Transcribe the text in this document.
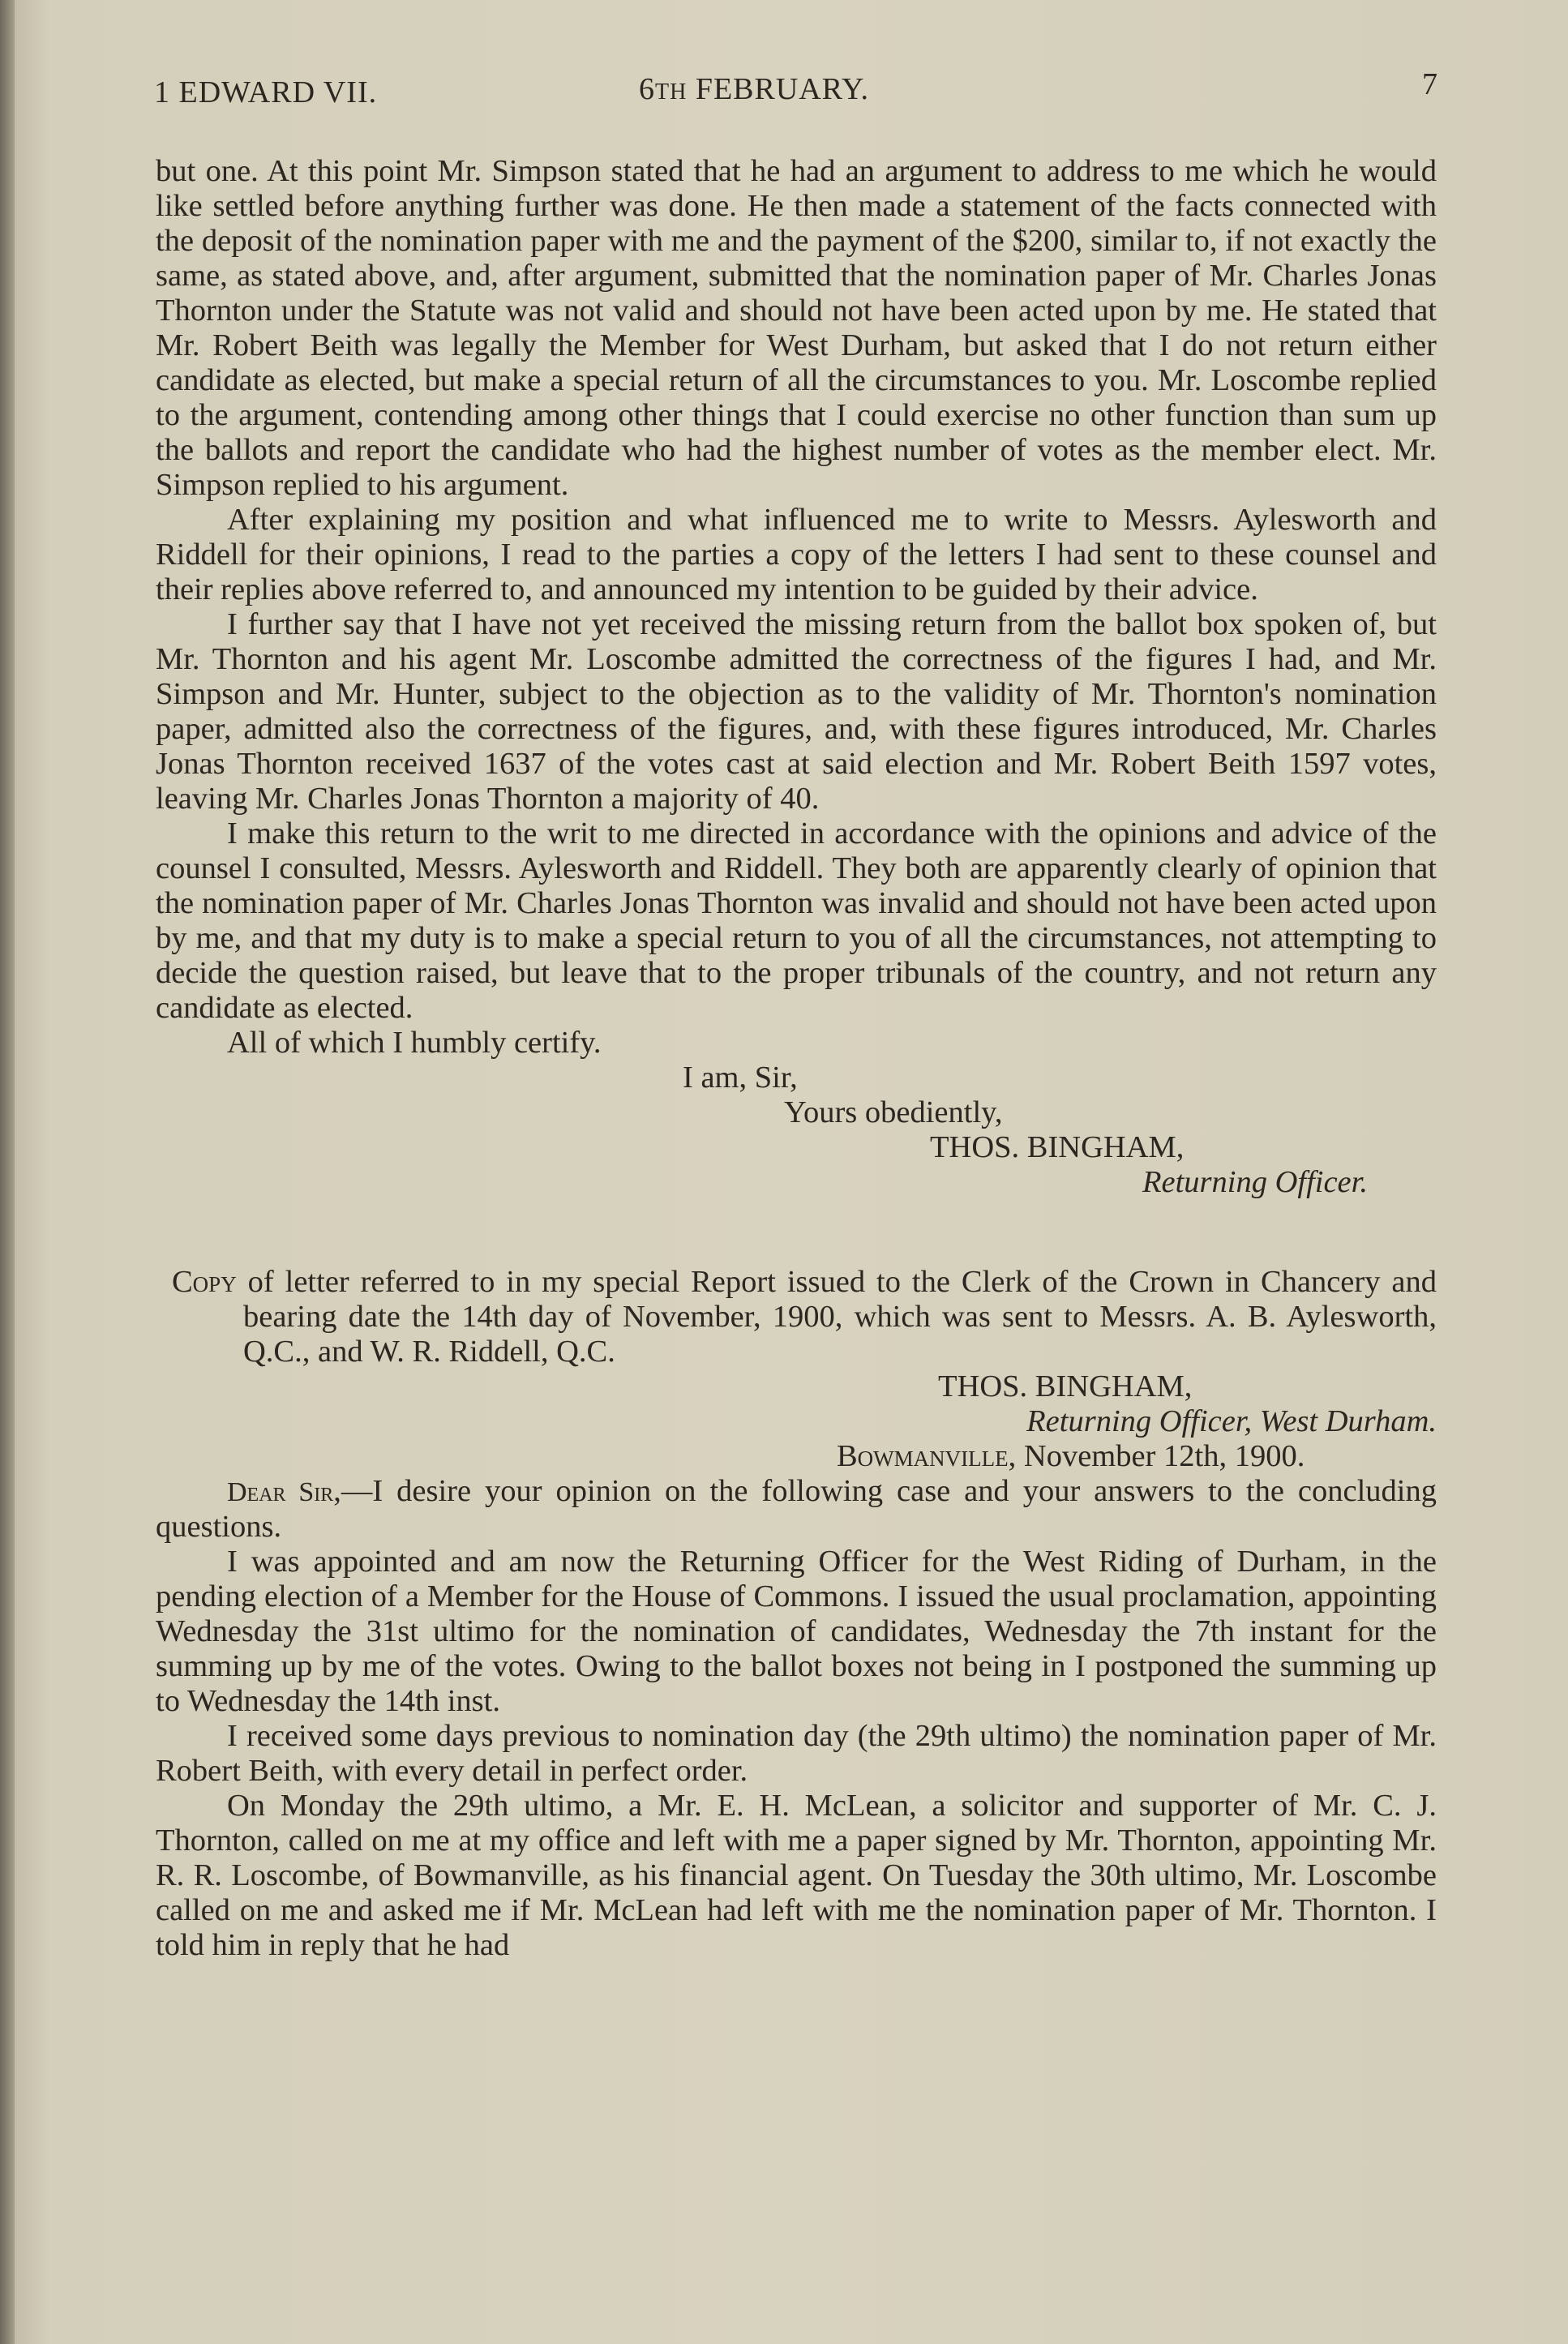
1 EDWARD VII.	6TH FEBRUARY.	7

but one. At this point Mr. Simpson stated that he had an argument to address to me which he would like settled before anything further was done. He then made a statement of the facts connected with the deposit of the nomination paper with me and the payment of the $200, similar to, if not exactly the same, as stated above, and, after argument, submitted that the nomination paper of Mr. Charles Jonas Thornton under the Statute was not valid and should not have been acted upon by me. He stated that Mr. Robert Beith was legally the Member for West Durham, but asked that I do not return either candidate as elected, but make a special return of all the circumstances to you. Mr. Loscombe replied to the argument, contending among other things that I could exercise no other function than sum up the ballots and report the candidate who had the highest number of votes as the member elect. Mr. Simpson replied to his argument.

After explaining my position and what influenced me to write to Messrs. Aylesworth and Riddell for their opinions, I read to the parties a copy of the letters I had sent to these counsel and their replies above referred to, and announced my intention to be guided by their advice.

I further say that I have not yet received the missing return from the ballot box spoken of, but Mr. Thornton and his agent Mr. Loscombe admitted the correctness of the figures I had, and Mr. Simpson and Mr. Hunter, subject to the objection as to the validity of Mr. Thornton's nomination paper, admitted also the correctness of the figures, and, with these figures introduced, Mr. Charles Jonas Thornton received 1637 of the votes cast at said election and Mr. Robert Beith 1597 votes, leaving Mr. Charles Jonas Thornton a majority of 40.

I make this return to the writ to me directed in accordance with the opinions and advice of the counsel I consulted, Messrs. Aylesworth and Riddell. They both are apparently clearly of opinion that the nomination paper of Mr. Charles Jonas Thornton was invalid and should not have been acted upon by me, and that my duty is to make a special return to you of all the circumstances, not attempting to decide the question raised, but leave that to the proper tribunals of the country, and not return any candidate as elected.

All of which I humbly certify.

I am, Sir,

Yours obediently,

THOS. BINGHAM,

Returning Officer.

Copy of letter referred to in my special Report issued to the Clerk of the Crown in Chancery and bearing date the 14th day of November, 1900, which was sent to Messrs. A. B. Aylesworth, Q.C., and W. R. Riddell, Q.C.

THOS. BINGHAM,

Returning Officer, West Durham.

Bowmanville, November 12th, 1900.

Dear Sir,—I desire your opinion on the following case and your answers to the concluding questions.

I was appointed and am now the Returning Officer for the West Riding of Durham, in the pending election of a Member for the House of Commons. I issued the usual proclamation, appointing Wednesday the 31st ultimo for the nomination of candidates, Wednesday the 7th instant for the summing up by me of the votes. Owing to the ballot boxes not being in I postponed the summing up to Wednesday the 14th inst.

I received some days previous to nomination day (the 29th ultimo) the nomination paper of Mr. Robert Beith, with every detail in perfect order.

On Monday the 29th ultimo, a Mr. E. H. McLean, a solicitor and supporter of Mr. C. J. Thornton, called on me at my office and left with me a paper signed by Mr. Thornton, appointing Mr. R. R. Loscombe, of Bowmanville, as his financial agent. On Tuesday the 30th ultimo, Mr. Loscombe called on me and asked me if Mr. McLean had left with me the nomination paper of Mr. Thornton. I told him in reply that he had
